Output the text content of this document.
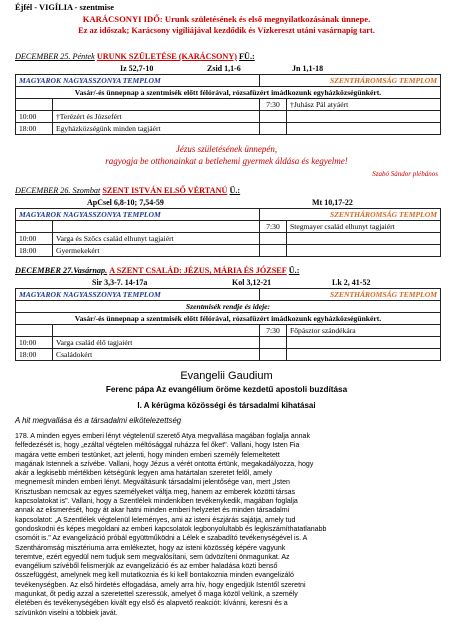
Éjfél - VIGÍLIA - szentmise
KARÁCSONYI IDŐ: Urunk születésének és első megnyilatkozásának ünnepe.
Ez az időszak; Karácsony vigíliájával kezdődik és Vízkereszt utáni vasárnapig tart.
DECEMBER 25. Péntek URUNK SZÜLETÉSE (KARÁCSONY) FÜ.:
Iz 52,7-10	Zsid 1,1-6	Jn 1,1-18
MAGYAROK NAGYASSZONYA TEMPLOM		SZENTHÁROMSÁG TEMPLOM	
Vasár/-és ünnepnap a szentmisék előtt félórával, rózsafüzért imádkozunk egyházközségünkért.			
		7:30	†Juhász Pál atyáért
10:00	†Terézért és Józsefért		
18:00	Egyházközségünk minden tagjáért		
Jézus születésének ünnepén,
ragyogja be otthonainkat a betlehemi gyermek áldása és kegyelme!
Szabó Sándor plébános
DECEMBER 26. Szombat SZENT ISTVÁN ELSŐ VÉRTANÚ Ü.:
ApCsel 6,8-10; 7,54-59	Mt 10,17-22
MAGYAROK NAGYASSZONYA TEMPLOM		SZENTHÁROMSÁG TEMPLOM	
		7:30	Stegmayer család elhunyt tagjaiért
10:00	Varga és Szőcs család elhunyt tagjaiért		
18:00	Gyermekekért		
DECEMBER 27.Vasárnap. A SZENT CSALÁD: JÉZUS, MÁRIA ÉS JÓZSEF Ü.:
Sir 3,3-7. 14-17a	Kol 3,12-21	Lk 2, 41-52
MAGYAROK NAGYASSZONYA TEMPLOM		SZENTHÁROMSÁG TEMPLOM	
Szentmisék rendje és ideje:			
Vasár/-és ünnepnap a szentmisék előtt félórával, rózsafüzért imádkozunk egyházközségünkért.			
		7:30	Főpásztor szándékára
10:00	Varga család élő tagjaiért		
18:00	Családokért		
Evangelii Gaudium
Ferenc pápa Az evangélium öröme kezdetű apostoli buzdítása
I. A kérügma közösségi és társadalmi kihatásai
A hit megvallása és a társadalmi elkötelezettség
178. A minden egyes emberi lényt végtelenül szerető Atya megvallása magában foglalja annak
felfedezését is, hogy „ezáltal végtelen méltósággal ruházza fel őket". Vallani, hogy Isten Fia
magára vette emberi testünket, azt jelenti, hogy minden emberi személy felemeltetett
magának Istennek a szívébe. Vallani, hogy Jézus a vérét ontotta értünk, megakadályozza, hogy
akár a legkisebb mértékben kétségünk legyen ama határtalan szeretet felől, amely
megnemesít minden emberi lényt. Megváltásunk társadalmi jelentősége van, mert „Isten
Krisztusban nemcsak az egyes személyeket váltja meg, hanem az emberek közötti társas
kapcsolatokat is". Vallani, hogy a Szentlélek mindenkiben tevékenykedik, magában foglalja
annak az elismerését, hogy át akar hatni minden emberi helyzetet és minden társadalmi
kapcsolatot: „A Szentlélek végtelenül leleményes, ami az isteni észjárás sajátja, amely tud
gondoskodni és képes megoldani az emberi kapcsolatok legbonyolultabb és legkiszámíthatatlanabb
csomóit is." Az evangelizáció próbál együttműködni a Lélek e szabadító tevékenységével is. A
Szentháromság misztériuma arra emlékeztet, hogy az isteni közösség képére vagyunk
teremtve, ezért egyedül nem tudjuk sem megvalósítani, sem üdvözíteni önmagunkat. Az
evangélium szívéből felismerjük az evangelizáció és az ember haladása közti benső
összefüggést, amelynek meg kell mutatkoznia és ki kell bontakoznia minden evangelizáló
tevékenységben. Az első hirdetés elfogadása, amely arra hív, hogy engedjük Istentől szeretni
magunkat, őt pedig azzal a szeretettel szeressük, amelyet ő maga közöl velünk, a személy
életében és tevékenységében kivált egy első és alapvető reakciót: kívánni, keresni és a
szívünkön viselni a többiek javát.
